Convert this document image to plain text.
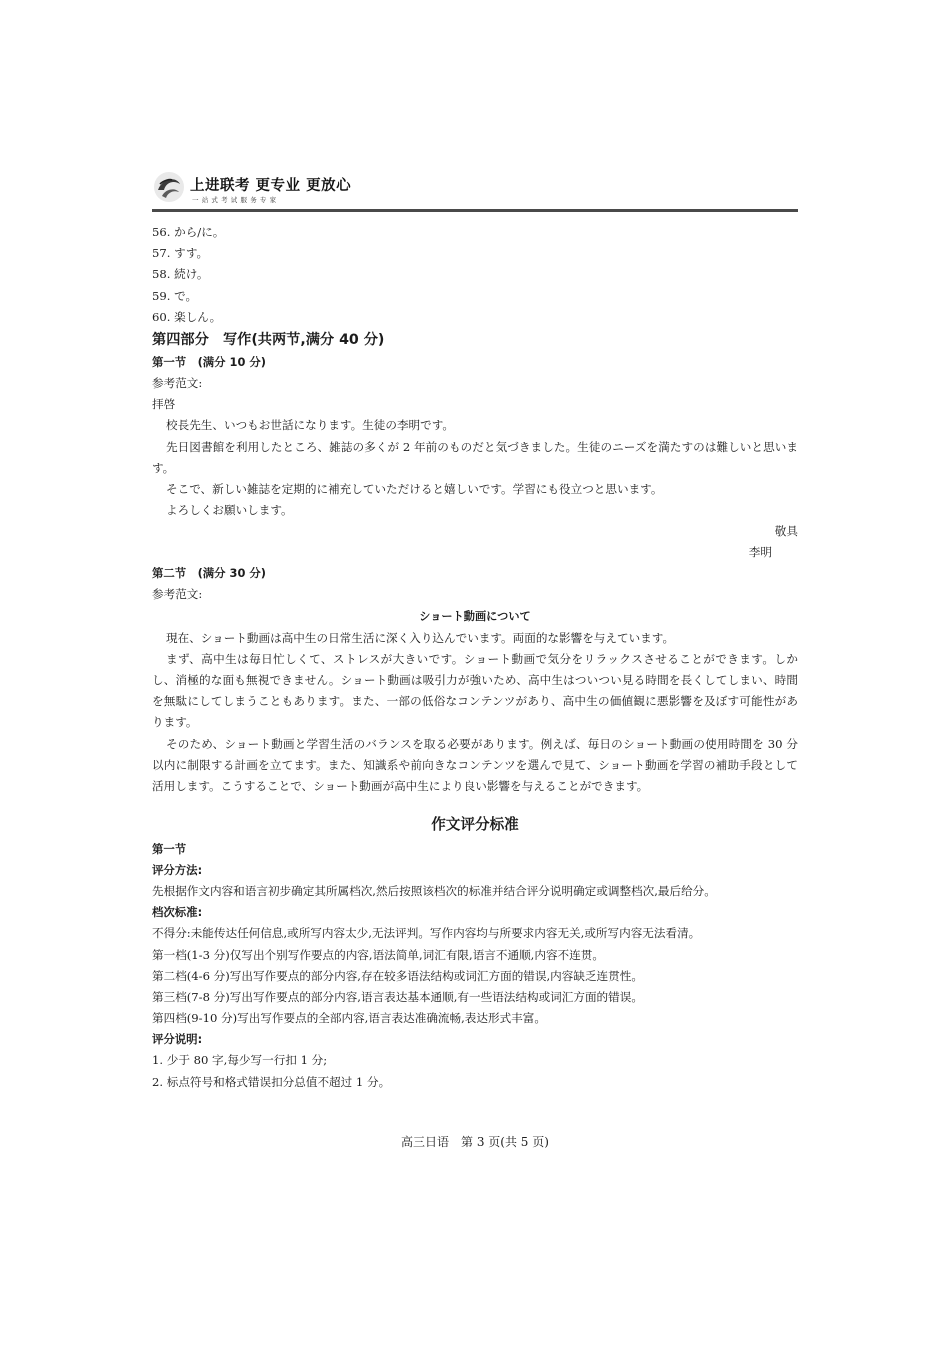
上进联考 更专业 更放心
一站式考试服务专家
56. から/に。
57. すす。
58. 続け。
59. で。
60. 楽しん。
第四部分　写作(共两节,满分 40 分)
第一节　(满分 10 分)
参考范文:
拝啓
校長先生、いつもお世話になります。生徒の李明です。
先日図書館を利用したところ、雑誌の多くが 2 年前のものだと気づきました。生徒のニーズを満たすのは難しいと思います。
そこで、新しい雑誌を定期的に補充していただけると嬉しいです。学習にも役立つと思います。
よろしくお願いします。
敬具
李明
第二节　(满分 30 分)
参考范文:
ショート動画について
現在、ショート動画は高中生の日常生活に深く入り込んでいます。両面的な影響を与えています。
まず、高中生は毎日忙しくて、ストレスが大きいです。ショート動画で気分をリラックスさせることができます。しかし、消極的な面も無視できません。ショート動画は吸引力が強いため、高中生はついつい見る時間を長くしてしまい、時間を無駄にしてしまうこともあります。また、一部の低俗なコンテンツがあり、高中生の価値観に悪影響を及ぼす可能性があります。
そのため、ショート動画と学習生活のバランスを取る必要があります。例えば、毎日のショート動画の使用時間を 30 分以内に制限する計画を立てます。また、知識系や前向きなコンテンツを選んで見て、ショート動画を学習の補助手段として活用します。こうすることで、ショート動画が高中生により良い影響を与えることができます。
作文评分标准
第一节
评分方法:
先根据作文内容和语言初步确定其所属档次,然后按照该档次的标准并结合评分说明确定或调整档次,最后给分。
档次标准:
不得分:未能传达任何信息,或所写内容太少,无法评判。写作内容均与所要求内容无关,或所写内容无法看清。
第一档(1-3 分)仅写出个别写作要点的内容,语法简单,词汇有限,语言不通顺,内容不连贯。
第二档(4-6 分)写出写作要点的部分内容,存在较多语法结构或词汇方面的错误,内容缺乏连贯性。
第三档(7-8 分)写出写作要点的部分内容,语言表达基本通顺,有一些语法结构或词汇方面的错误。
第四档(9-10 分)写出写作要点的全部内容,语言表达准确流畅,表达形式丰富。
评分说明:
1. 少于 80 字,每少写一行扣 1 分;
2. 标点符号和格式错误扣分总值不超过 1 分。
高三日语　第 3 页(共 5 页)
